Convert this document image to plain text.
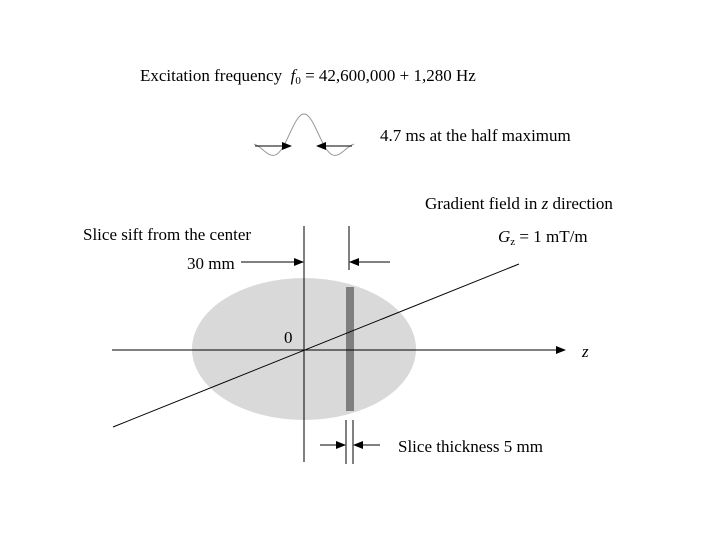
Excitation frequency $f_0 = 42,600,000 + 1,280$ Hz
4.7 ms at the half maximum
Gradient field in z direction
$G_z = 1$ mT/m
Slice sift from the center
30 mm
0
z
Slice thickness 5 mm
